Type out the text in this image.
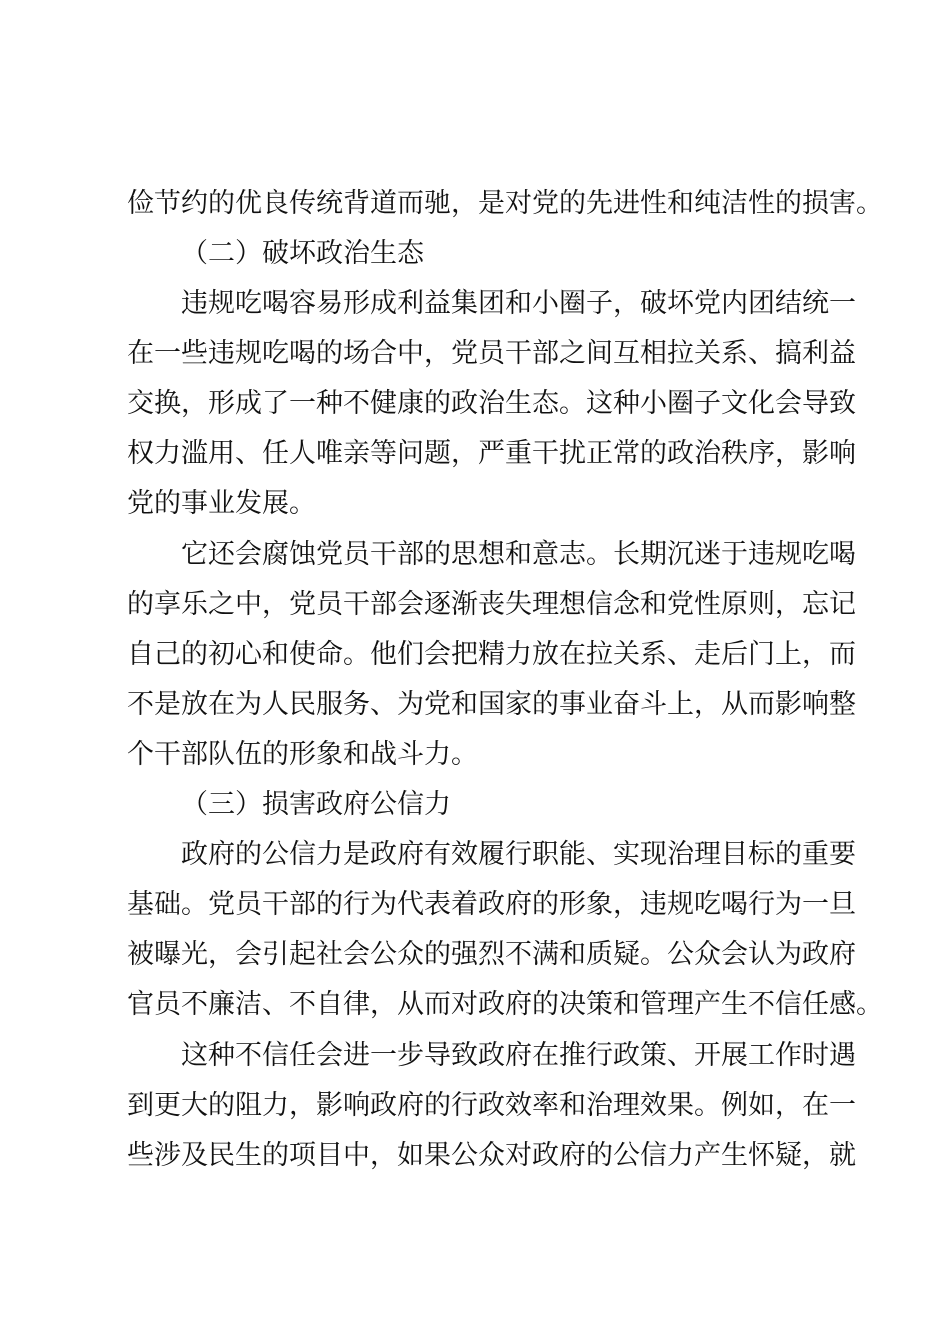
俭节约的优良传统背道而驰，是对党的先进性和纯洁性的损害。

（二）破坏政治生态

违规吃喝容易形成利益集团和小圈子，破坏党内团结统一

在一些违规吃喝的场合中，党员干部之间互相拉关系、搞利益

交换，形成了一种不健康的政治生态。这种小圈子文化会导致

权力滥用、任人唯亲等问题，严重干扰正常的政治秩序，影响

党的事业发展。

它还会腐蚀党员干部的思想和意志。长期沉迷于违规吃喝

的享乐之中，党员干部会逐渐丧失理想信念和党性原则，忘记

自己的初心和使命。他们会把精力放在拉关系、走后门上，而

不是放在为人民服务、为党和国家的事业奋斗上，从而影响整

个干部队伍的形象和战斗力。

（三）损害政府公信力

政府的公信力是政府有效履行职能、实现治理目标的重要

基础。党员干部的行为代表着政府的形象，违规吃喝行为一旦

被曝光，会引起社会公众的强烈不满和质疑。公众会认为政府

官员不廉洁、不自律，从而对政府的决策和管理产生不信任感。

这种不信任会进一步导致政府在推行政策、开展工作时遇

到更大的阻力，影响政府的行政效率和治理效果。例如，在一

些涉及民生的项目中，如果公众对政府的公信力产生怀疑，就
